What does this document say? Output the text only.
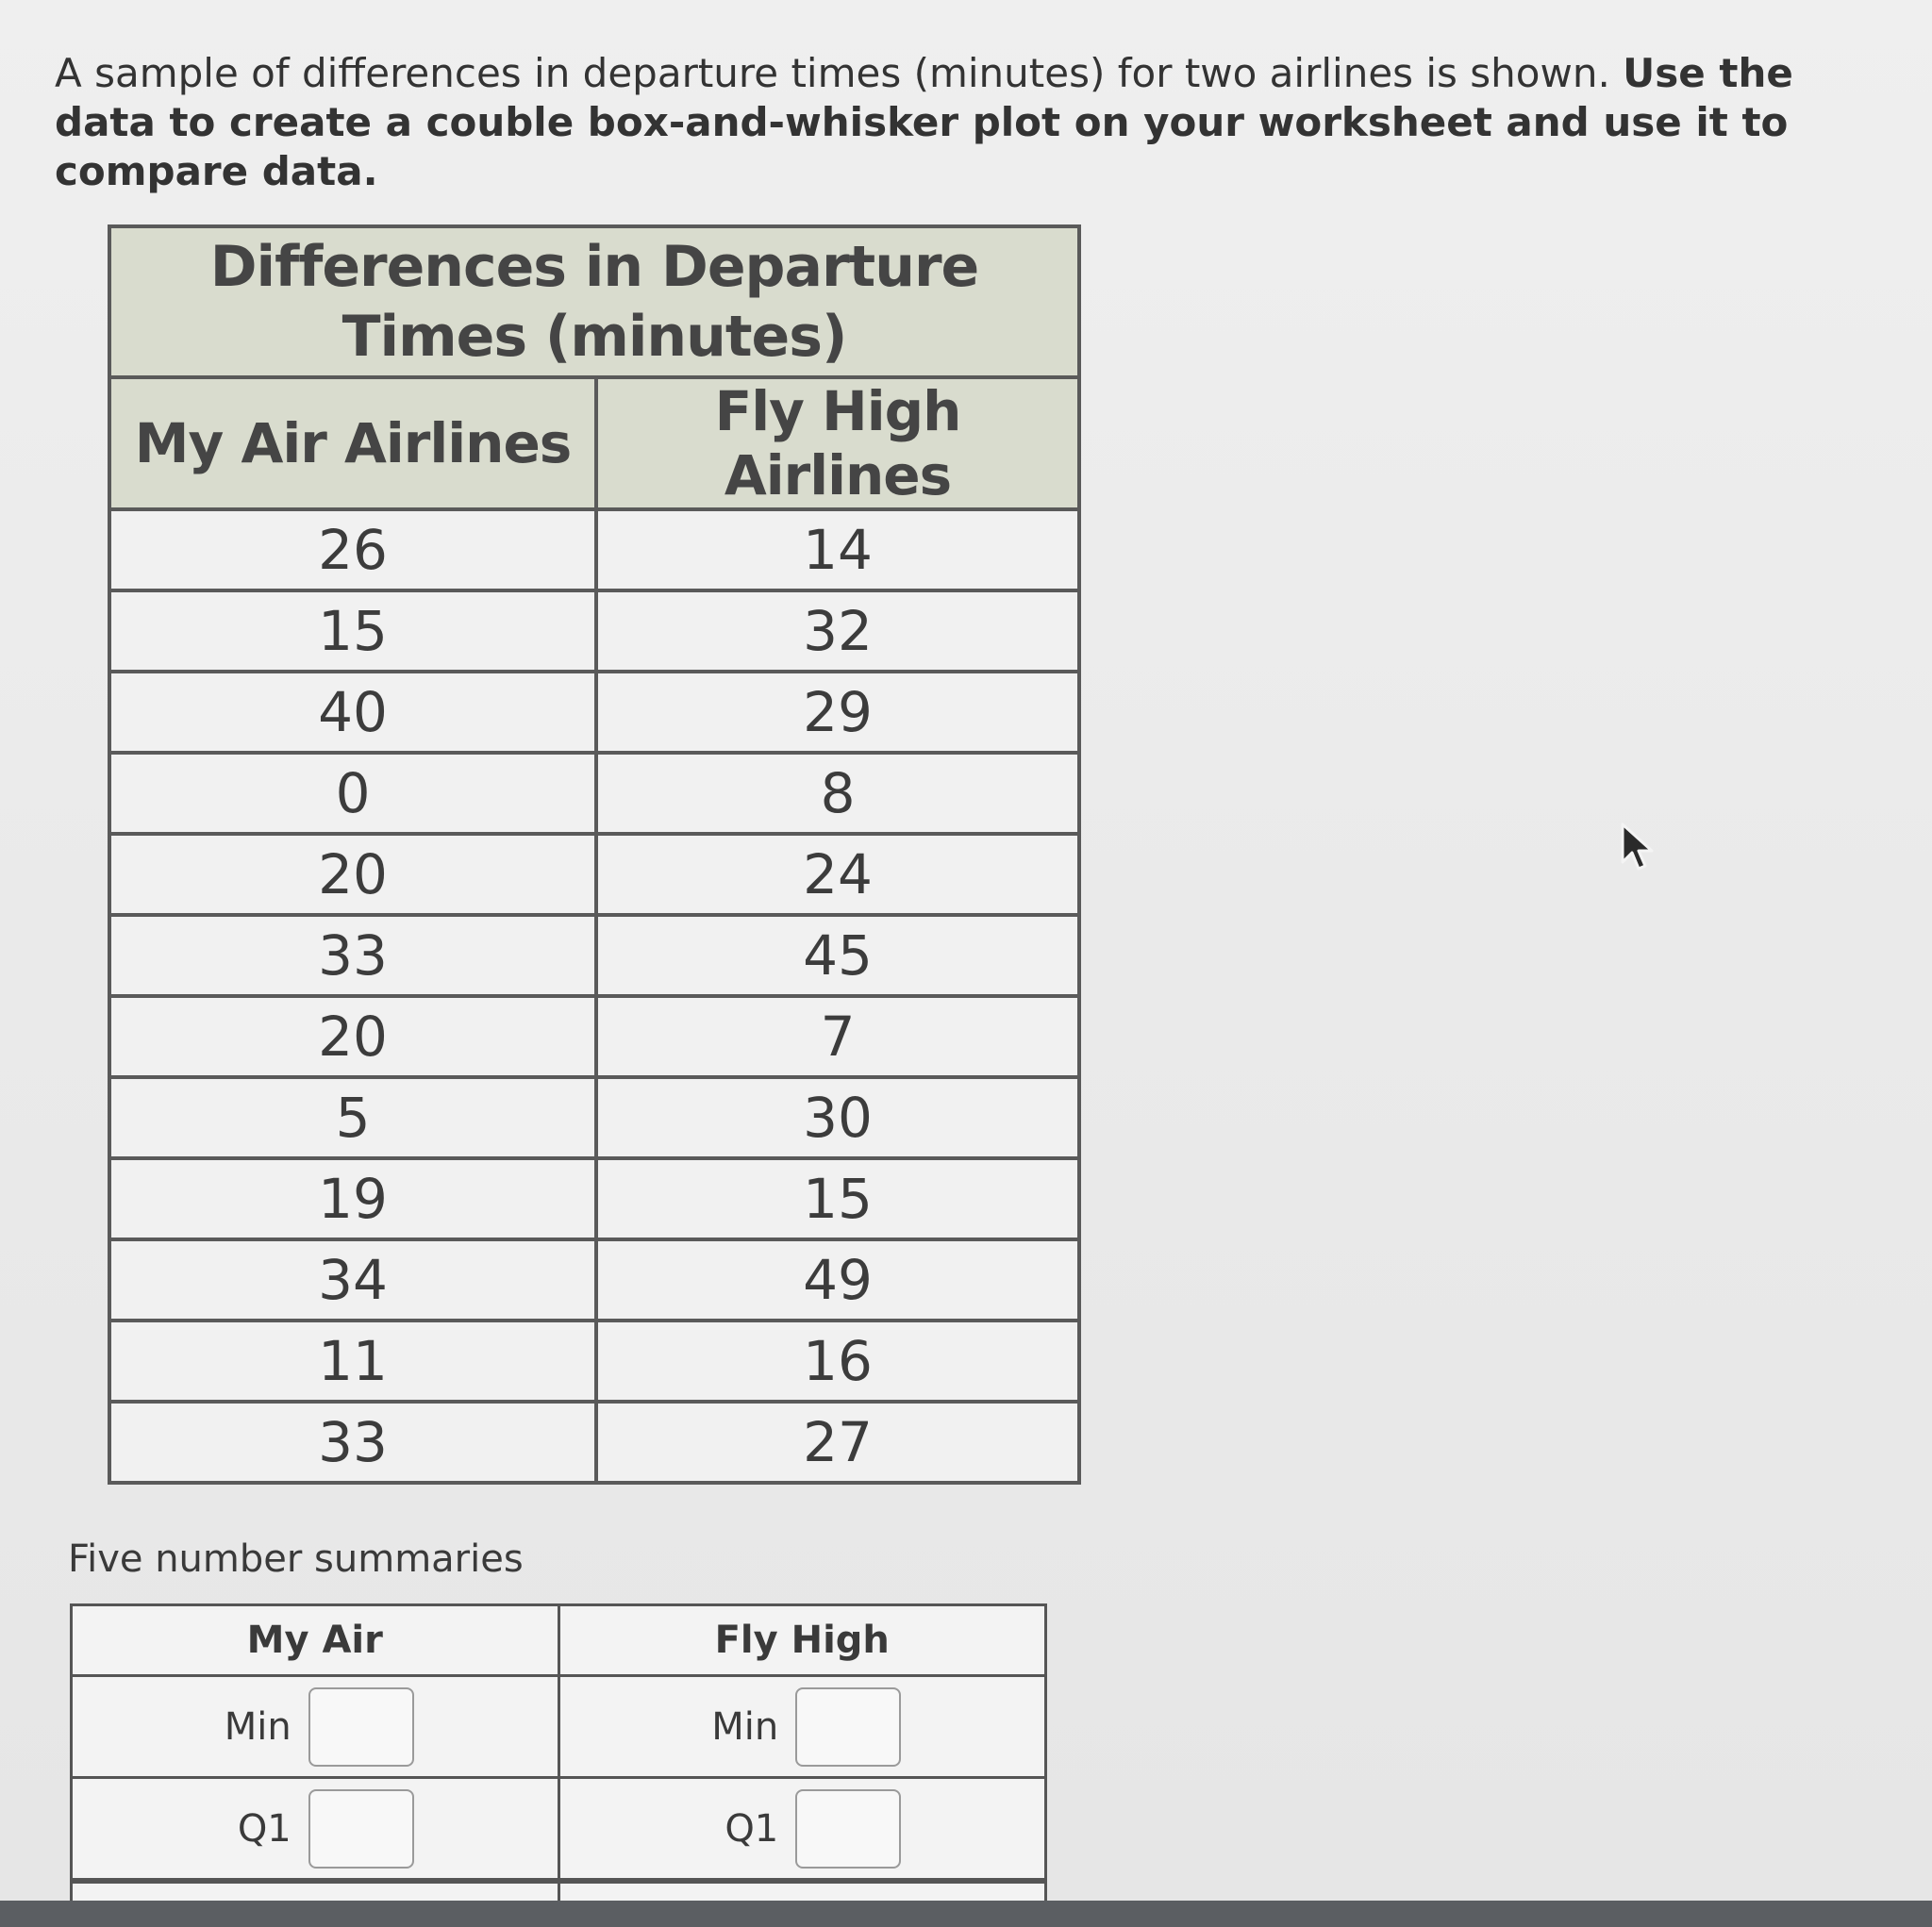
A sample of differences in departure times (minutes) for two airlines is shown. Use the data to create a couble box-and-whisker plot on your worksheet and use it to compare data.
Differences in Departure Times (minutes)	
My Air Airlines	Fly High Airlines
26	14
15	32
40	29
0	8
20	24
33	45
20	7
5	30
19	15
34	49
11	16
33	27
Five number summaries
My Air	Fly High

Min	Min

Q1	Q1
